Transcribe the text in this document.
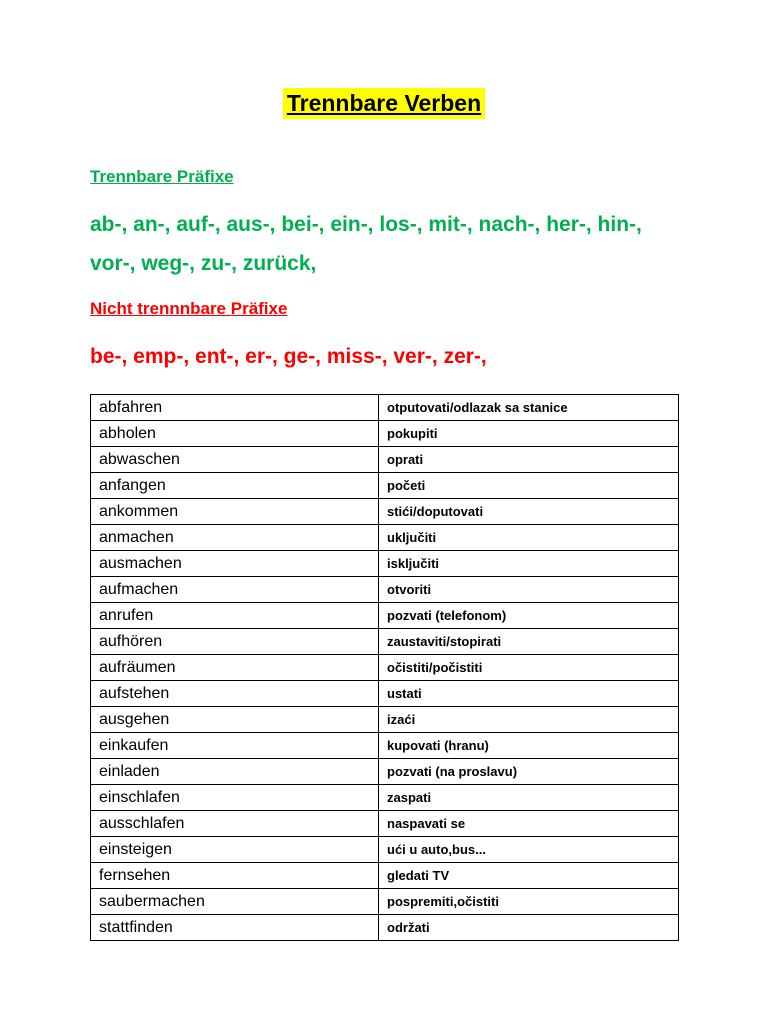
Trennbare Verben
Trennbare Präfixe
ab-, an-, auf-, aus-, bei-, ein-, los-, mit-, nach-, her-, hin-, vor-, weg-, zu-, zurück,
Nicht trennnbare Präfixe
be-, emp-, ent-, er-, ge-, miss-, ver-, zer-,
abfahren	otputovati/odlazak sa stanice
abholen	pokupiti
abwaschen	oprati
anfangen	početi
ankommen	stići/doputovati
anmachen	uključiti
ausmachen	isključiti
aufmachen	otvoriti
anrufen	pozvati (telefonom)
aufhören	zaustaviti/stopirati
aufräumen	očistiti/počistiti
aufstehen	ustati
ausgehen	izaći
einkaufen	kupovati (hranu)
einladen	pozvati (na proslavu)
einschlafen	zaspati
ausschlafen	naspavati se
einsteigen	ući u auto,bus...
fernsehen	gledati TV
saubermachen	pospremiti,očistiti
stattfinden	održati
